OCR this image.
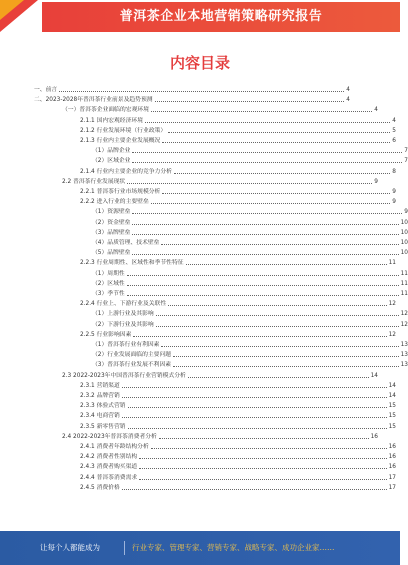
普洱茶企业本地营销策略研究报告
内容目录
一、前言	4
二、2023-2028年普洱茶行业前景及趋势预测	4
（一）普洱茶企业面临的宏观环境	4
2.1.1 国内宏观经济环境	4
2.1.2 行业发展环境（行业政策）	5
2.1.3 行业内主要企业发展概况	6
（1）品牌企业	7
（2）区域企业	7
2.1.4 行业内主要企业的竞争力分析	8
2.2 普洱茶行业发展现状	9
2.2.1 普洱茶行业市场规模分析	9
2.2.2 进入行业的主要壁垒	9
（1）资源壁垒	9
（2）资金壁垒	10
（3）品牌壁垒	10
（4）品质管理、技术壁垒	10
（5）品牌壁垒	10
2.2.3 行业周期性、区域性和季节性特征	11
（1）周期性	11
（2）区域性	11
（3）季节性	11
2.2.4 行业上、下游行业及关联性	12
（1）上游行业及其影响	12
（2）下游行业及其影响	12
2.2.5 行业影响因素	12
（1）普洱茶行业有利因素	13
（2）行业发展面临的主要问题	13
（3）普洱茶行业发展不利因素	13
2.3 2022-2023年中国普洱茶行业营销模式分析	14
2.3.1 营销渠道	14
2.3.2 品牌营销	14
2.3.3 体验式营销	15
2.3.4 电商营销	15
2.3.5 新零售营销	15
2.4 2022-2023年普洱茶消费者分析	16
2.4.1 消费者年龄结构分析	16
2.4.2 消费者性别结构	16
2.4.3 消费者购买渠道	16
2.4.4 普洱茶消费需求	17
2.4.5 消费价格	17
让每个人都能成为	行业专家、管理专家、营销专家、战略专家、成功企业家……
